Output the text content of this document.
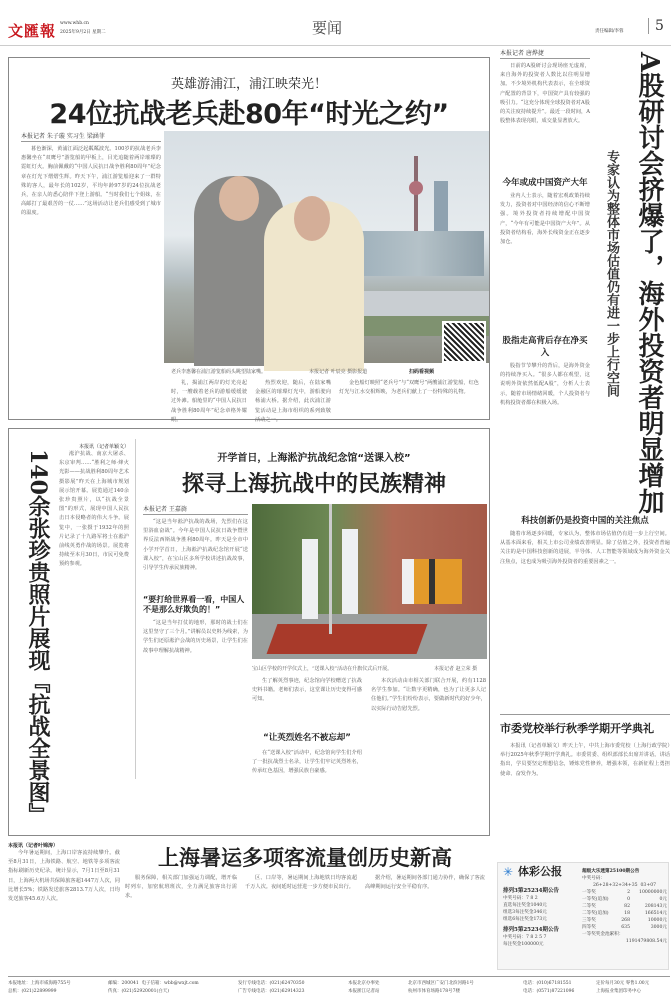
文匯報 www.whb.cn
2025年9月2日 星期二	要闻	责任编辑/李蓉	5
英雄游浦江，浦江映荣光！
24位抗战老兵赴80年“时光之约”
本报记者 朱子璇 实习生 梁涵菲
暮色渐深，黄浦江面泛起粼粼波光。100岁的抗战老兵李惠馨坐在“双鹰号”游览船的甲板上，目光追随着两岸璀璨的霓虹灯火。胸前佩戴的“中国人民抗日战争胜利80周年”纪念章在灯光下熠熠生辉。昨天下午，浦江游览船迎来了一群特殊的客人，最年长的102岁，平均年龄97岁的24位抗战老兵，在亲人的悉心陪伴下登上游船。“当时我们七个姐妹，在高邮打了最艰苦的一仗……”这场活动让老兵们感受到了城市的温度。
老兵李惠馨在浦江游览船码头眺望陆家嘴。	本报记者 叶辰亮 摄影报道	扫码看视频
礼，揭浦江两岸的灯光亮起时，一艘载着老兵的游船缓缓驶过外滩。船舱里的“中国人民抗日战争胜利80周年”纪念章格外耀眼。
热烈欢迎，随后，在陆家嘴金融区的璀璨灯光中，游船驶向杨浦大桥。据介绍，此次浦江游览活动是上海市组织的系列致敬活动之一。
金色船灯映照“老兵号”与“双鹰号”两艘浦江游览船，红色灯光与江水交相辉映，为老兵们献上了一份特殊的礼物。
本报记者 唐烨捷
日前的A股研讨会现场座无虚席，来自海外的投资者人数比以往明显增加。不少境外机构代表表示，在全球资产配置的背景下，中国资产具有较强的吸引力。“这充分体现全球投资者对A股的关注度持续提升”。最近一段时间，A股整体表现亮眼，成交量显著放大。
今年或成中国资产大年
业内人士表示，随着宏观政策持续发力，投资者对中国经济的信心不断增强。境外投资者持续增配中国资产，“今年有可能是中国资产大年”。从投资者结构看，海外长线资金正在逐步加仓。
股指走高背后存在净买入
股指节节攀升的背后，是海外资金的持续净买入。“很多人都在观望，这说明外资依然低配A股”，分析人士表示，随着市场情绪回暖，个人投资者与机构投资者都在积极入场。	A股研讨会挤爆了，海外投资者明显增加
专家认为整体市场估值仍有进一步上行空间
科技创新仍是投资中国的关注焦点
随着市场逐步回暖，专家认为，整体市场估值仍有进一步上行空间。从基本面来看，相关上市公司业绩改善明显。除了估值之外，投资者普遍关注的是中国科技创新的进展，半导体、人工智能等领域成为海外资金关注焦点，这也成为吸引海外投资者的重要因素之一。
市委党校举行秋季学期开学典礼
本报讯（记者单颖文）昨天上午，中共上海市委党校（上海行政学院）举行2025年秋季学期开学典礼。市委常委、组织部部长出席并讲话。讲话指出，学员要坚定理想信念，锤炼党性修养，增强本领，在新征程上勇担使命、奋发作为。
140余张珍贵照片展现『抗战全景图』
本报讯（记者单颖文）
淞沪抗战、南京大屠杀、东京审判……“胜利之师·烽火光影——抗战胜利80周年艺术摄影展”昨天在上海城市规划展示馆开幕。展览通过140余张珍贵照片，以“抗战全景图”的形式，展现中国人民抗击日本侵略者的伟大斗争。展览中，一张摄于1932年的照片记录了十九路军将士在淞沪前线英勇作战的场景。展览将持续至本月30日，市民可免费预约参观。
开学首日，上海淞沪抗战纪念馆“送课入校”
探寻上海抗战中的民族精神
本报记者 王嘉旖
“这是当年淞沪抗战的战场，先烈们在这里浴血奋战”。今年是中国人民抗日战争暨世界反法西斯战争胜利80周年。昨天是全市中小学开学首日，上海淞沪抗战纪念馆开展“送课入校”，在宝山区多所学校讲述抗战故事，引导学生传承民族精神。
“要打给世界看一看，中国人不是那么好欺负的！”
“这是当年打仗的地形，那时的战士们在这里坚守了三个月。”讲解员以史料为线索，为学生们还原淞沪会战的历史场景，让学生们在故事中理解抗战精神。
宝山区学校的开学仪式上，“送课入校”活动在升旗仪式后开展。	本报记者 赵立荣 摄
生了解英烈事迹，纪念馆向学校赠送了抗战史料书籍。老师们表示，这堂课让历史变得可感可知。
“让英烈姓名不被忘却”
在“送课入校”活动中，纪念馆向学生们介绍了一批抗战烈士名录，让学生们牢记英烈姓名，传承红色基因，增强民族自豪感。
本次活动由市相关部门联合开展，约有1128名学生参加。“让数字更精确，也为了让更多人记住他们。”学生们纷纷表示，要做新时代的好少年，以实际行动告慰先烈。
本报讯（记者叶锦涛）
今年暑运期间，上海口岸客流持续攀升。截至8月31日，上海铁路、航空、地铁等多项客流指标刷新历史纪录。统计显示，7月1日至8月31日，上海两大机场共保障旅客超1447万人次，同比增长5%；铁路发送旅客2813.7万人次，日均发送旅客45.6万人次。
上海暑运多项客流量创历史新高
服务保障，相关部门加强运力调配，增开临时列车，加密航班班次，全力满足旅客出行需求。
区、口岸等，暑运期间上海地铁日均客流超千万人次。夜间延时运营进一步方便市民出行。
据介绍，暑运期间各部门通力协作，确保了客流高峰期间运行安全平稳有序。
✳ 体彩公报
排列3第25234期公告
中奖号码：7 8 2
直选每注奖金1040元
组选3每注奖金346元
组选6每注奖金173元
排列5第25234期公告
中奖号码：7 8 2 5 7
每注奖金100000元
超级大乐透第25100期公告
中奖号码：
26+28+32+34+35  03+07
一等奖	2	10000000元
一等奖(追加)	0	0元
二等奖	82	208143元
二等奖(追加)	18	166514元
三等奖	268	10000元
四等奖	635	3000元
一等奖奖金池累积：
1191479808.54元
本报地址：上海市威海路755号
总机：(021)22899999
邮编：200041 电子信箱：wbb@wxjt.com
传真：(021)52920001(白天)
发行专线电话：(021)62470350
广告专线电话：(021)62914323
本报北京办事处
本报浙江记者站
北京市西城区广安门北滨河路1号
杭州市体育场路178号7楼
电话：(010)67181551
电话：(0571)87221096
定价每月30元 零售1.00元
上海报业集团印务中心
